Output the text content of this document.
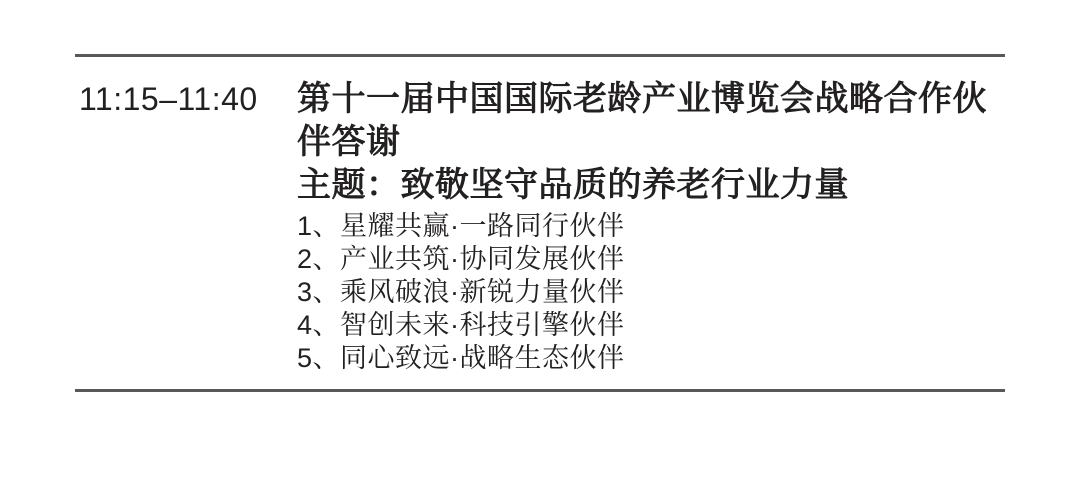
11:15–11:40	第十一届中国国际老龄产业博览会战略合作伙伴答谢

主题：致敬坚守品质的养老行业力量

1、星耀共赢·一路同行伙伴
2、产业共筑·协同发展伙伴
3、乘风破浪·新锐力量伙伴
4、智创未来·科技引擎伙伴
5、同心致远·战略生态伙伴
